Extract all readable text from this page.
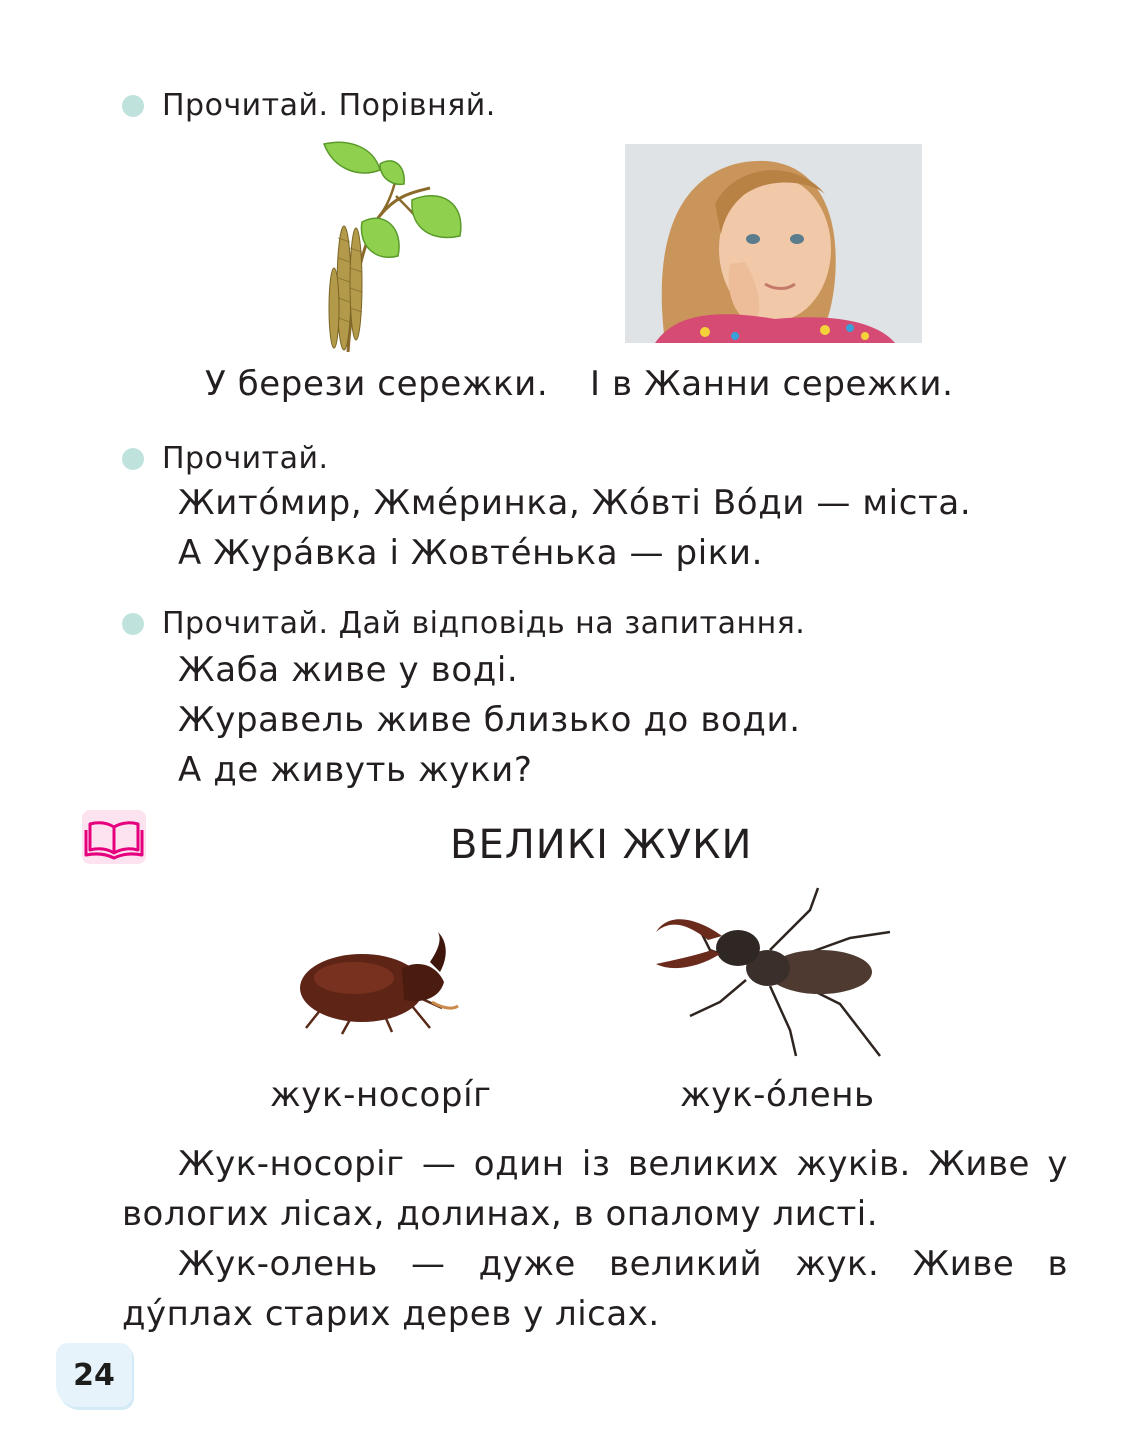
Прочитай. Порівняй.
У берези сережки. І в Жанни сережки.
Прочитай.
Жито́мир, Жме́ринка, Жо́вті Во́ди — міста.
А Жура́вка і Жовте́нька — ріки.
Прочитай. Дай відповідь на запитання.
Жаба живе у воді.
Журавель живе близько до води.
А де живуть жуки?
ВЕЛИКІ ЖУКИ
жук-носорі́г	жук-о́лень
Жук-носоріг — один із великих жуків. Живе у вологих лісах, долинах, в опалому листі.
Жук-олень — дуже великий жук. Живе в ду́плах старих дерев у лісах.
24
